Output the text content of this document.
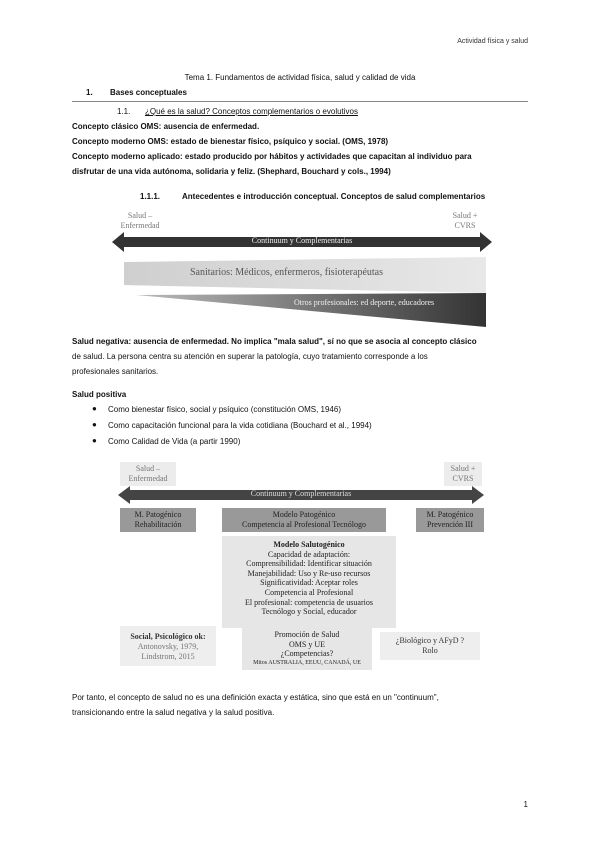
Actividad física y salud
Tema 1. Fundamentos de actividad física, salud y calidad de vida
1. Bases conceptuales
1.1. ¿Qué es la salud? Conceptos complementarios o evolutivos
Concepto clásico OMS: ausencia de enfermedad.
Concepto moderno OMS: estado de bienestar físico, psíquico y social. (OMS, 1978)
Concepto moderno aplicado: estado producido por hábitos y actividades que capacitan al individuo para
disfrutar de una vida autónoma, solidaria y feliz. (Shephard, Bouchard y cols., 1994)
1.1.1.	Antecedentes e introducción conceptual. Conceptos de salud complementarios
Salud –
Enfermedad
Salud +
CVRS
Continuum y Complementarias
Sanitarios: Médicos, enfermeros, fisioterapéutas
Otros profesionales: ed deporte, educadores
Salud negativa: ausencia de enfermedad. No implica "mala salud", sí no que se asocia al concepto clásico
de salud. La persona centra su atención en superar la patología, cuyo tratamiento corresponde a los
profesionales sanitarios.
Salud positiva
● Como bienestar físico, social y psíquico (constitución OMS, 1946)
● Como capacitación funcional para la vida cotidiana (Bouchard et al., 1994)
● Como Calidad de Vida (a partir 1990)
Salud –
Enfermedad
Salud +
CVRS
Continuum y Complementarias
M. Patogénico
Rehabilitación
Modelo Patogénico
Competencia al Profesional Tecnólogo
M. Patogénico
Prevención III
Modelo Salutogénico
Capacidad de adaptación:
Comprensibilidad: Identificar situación
Manejabilidad: Uso y Re-uso recursos
Significatividad: Aceptar roles
Competencia al Profesional
El profesional: competencia de usuarios
Tecnólogo y Social, educador
Social, Psicológico ok:
Antonovsky, 1979,
Lindstrom, 2015
Promoción de Salud
OMS y UE
¿Competencias?
Mitos AUSTRALIA, EEUU, CANADÁ, UE
¿Biológico y AFyD ?
Rolo
Por tanto, el concepto de salud no es una definición exacta y estática, sino que está en un "continuum",
transicionando entre la salud negativa y la salud positiva.
1
